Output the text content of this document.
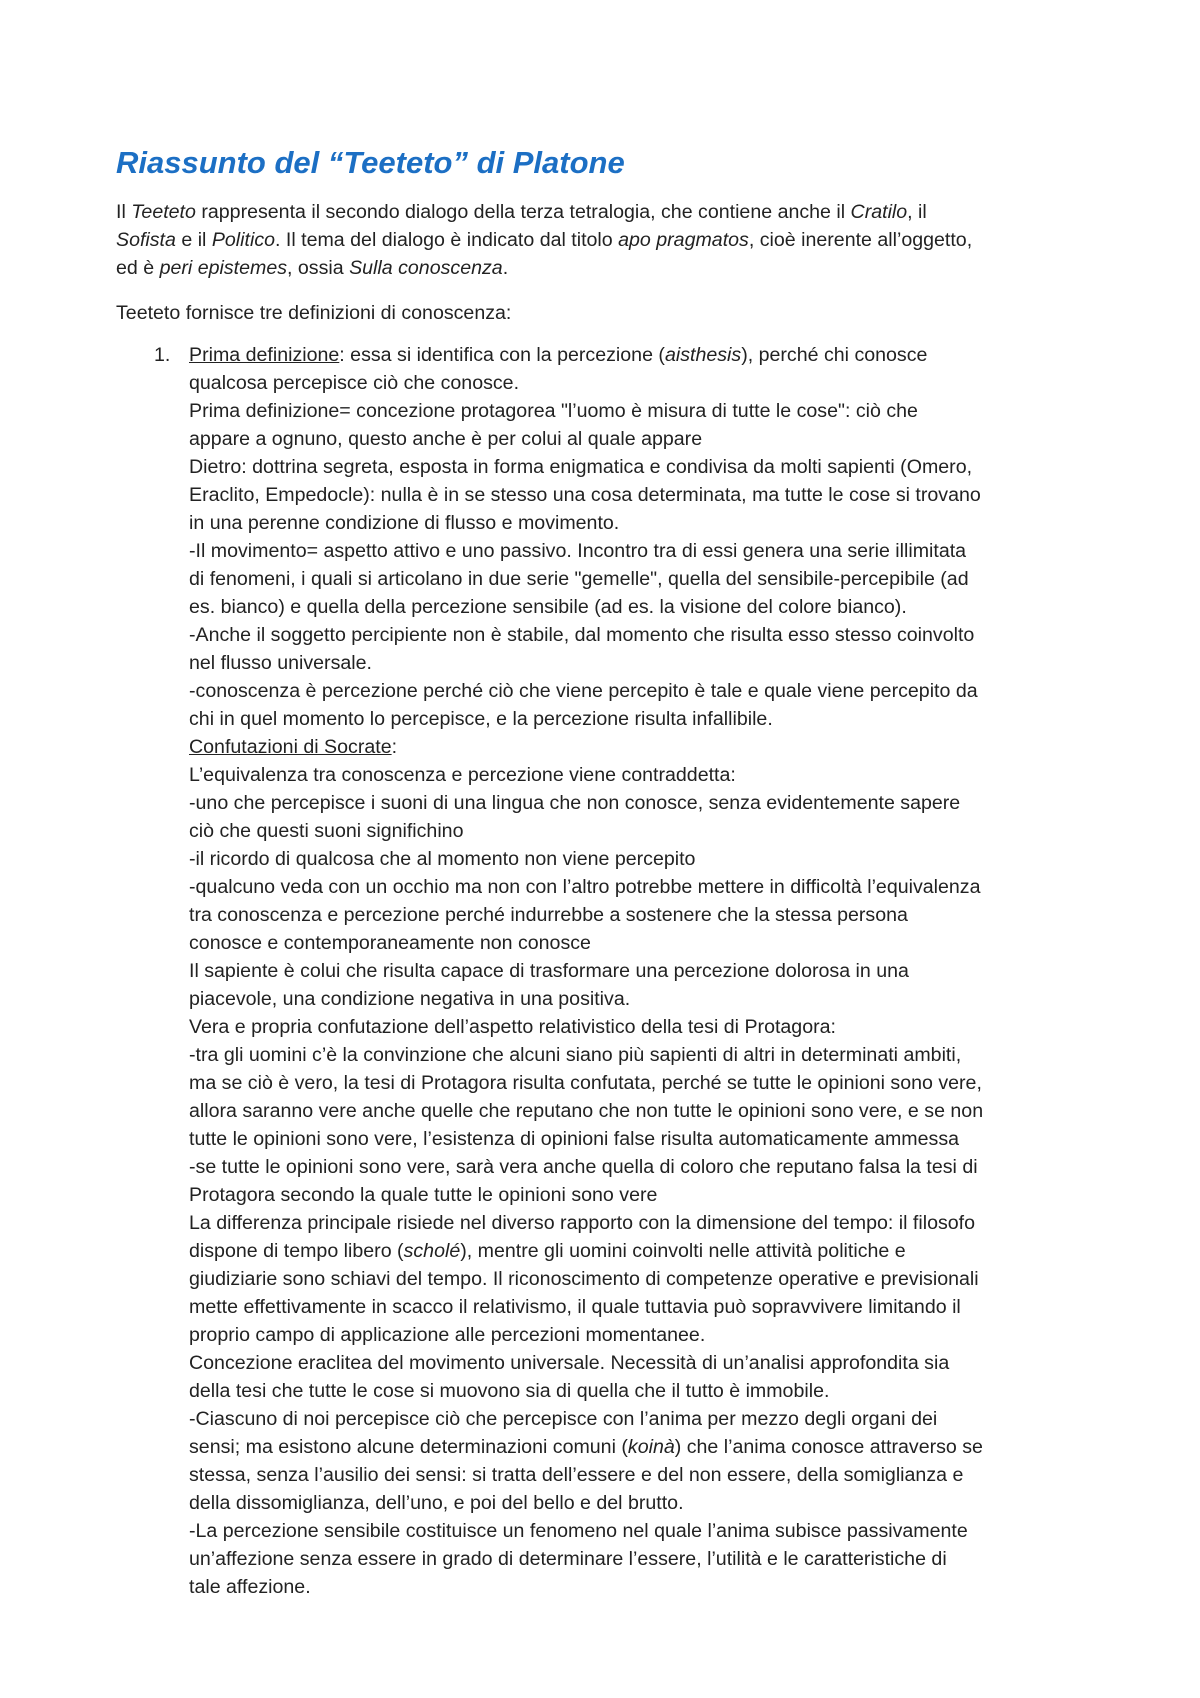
Riassunto del “Teeteto” di Platone

Il Teeteto rappresenta il secondo dialogo della terza tetralogia, che contiene anche il Cratilo, il
Sofista e il Politico. Il tema del dialogo è indicato dal titolo apo pragmatos, cioè inerente all’oggetto,
ed è peri epistemes, ossia Sulla conoscenza.

Teeteto fornisce tre definizioni di conoscenza:

1. Prima definizione: essa si identifica con la percezione (aisthesis), perché chi conosce
qualcosa percepisce ciò che conosce.
Prima definizione= concezione protagorea "l’uomo è misura di tutte le cose": ciò che
appare a ognuno, questo anche è per colui al quale appare
Dietro: dottrina segreta, esposta in forma enigmatica e condivisa da molti sapienti (Omero,
Eraclito, Empedocle): nulla è in se stesso una cosa determinata, ma tutte le cose si trovano
in una perenne condizione di flusso e movimento.
-Il movimento= aspetto attivo e uno passivo. Incontro tra di essi genera una serie illimitata
di fenomeni, i quali si articolano in due serie "gemelle", quella del sensibile-percepibile (ad
es. bianco) e quella della percezione sensibile (ad es. la visione del colore bianco).
-Anche il soggetto percipiente non è stabile, dal momento che risulta esso stesso coinvolto
nel flusso universale.
-conoscenza è percezione perché ciò che viene percepito è tale e quale viene percepito da
chi in quel momento lo percepisce, e la percezione risulta infallibile.
Confutazioni di Socrate:
L’equivalenza tra conoscenza e percezione viene contraddetta:
-uno che percepisce i suoni di una lingua che non conosce, senza evidentemente sapere
ciò che questi suoni significhino
-il ricordo di qualcosa che al momento non viene percepito
-qualcuno veda con un occhio ma non con l’altro potrebbe mettere in difficoltà l’equivalenza
tra conoscenza e percezione perché indurrebbe a sostenere che la stessa persona
conosce e contemporaneamente non conosce
Il sapiente è colui che risulta capace di trasformare una percezione dolorosa in una
piacevole, una condizione negativa in una positiva.
Vera e propria confutazione dell’aspetto relativistico della tesi di Protagora:
-tra gli uomini c’è la convinzione che alcuni siano più sapienti di altri in determinati ambiti,
ma se ciò è vero, la tesi di Protagora risulta confutata, perché se tutte le opinioni sono vere,
allora saranno vere anche quelle che reputano che non tutte le opinioni sono vere, e se non
tutte le opinioni sono vere, l’esistenza di opinioni false risulta automaticamente ammessa
-se tutte le opinioni sono vere, sarà vera anche quella di coloro che reputano falsa la tesi di
Protagora secondo la quale tutte le opinioni sono vere
La differenza principale risiede nel diverso rapporto con la dimensione del tempo: il filosofo
dispone di tempo libero (scholé), mentre gli uomini coinvolti nelle attività politiche e
giudiziarie sono schiavi del tempo. Il riconoscimento di competenze operative e previsionali
mette effettivamente in scacco il relativismo, il quale tuttavia può sopravvivere limitando il
proprio campo di applicazione alle percezioni momentanee.
Concezione eraclitea del movimento universale. Necessità di un’analisi approfondita sia
della tesi che tutte le cose si muovono sia di quella che il tutto è immobile.
-Ciascuno di noi percepisce ciò che percepisce con l’anima per mezzo degli organi dei
sensi; ma esistono alcune determinazioni comuni (koinà) che l’anima conosce attraverso se
stessa, senza l’ausilio dei sensi: si tratta dell’essere e del non essere, della somiglianza e
della dissomiglianza, dell’uno, e poi del bello e del brutto.
-La percezione sensibile costituisce un fenomeno nel quale l’anima subisce passivamente
un’affezione senza essere in grado di determinare l’essere, l’utilità e le caratteristiche di
tale affezione.
